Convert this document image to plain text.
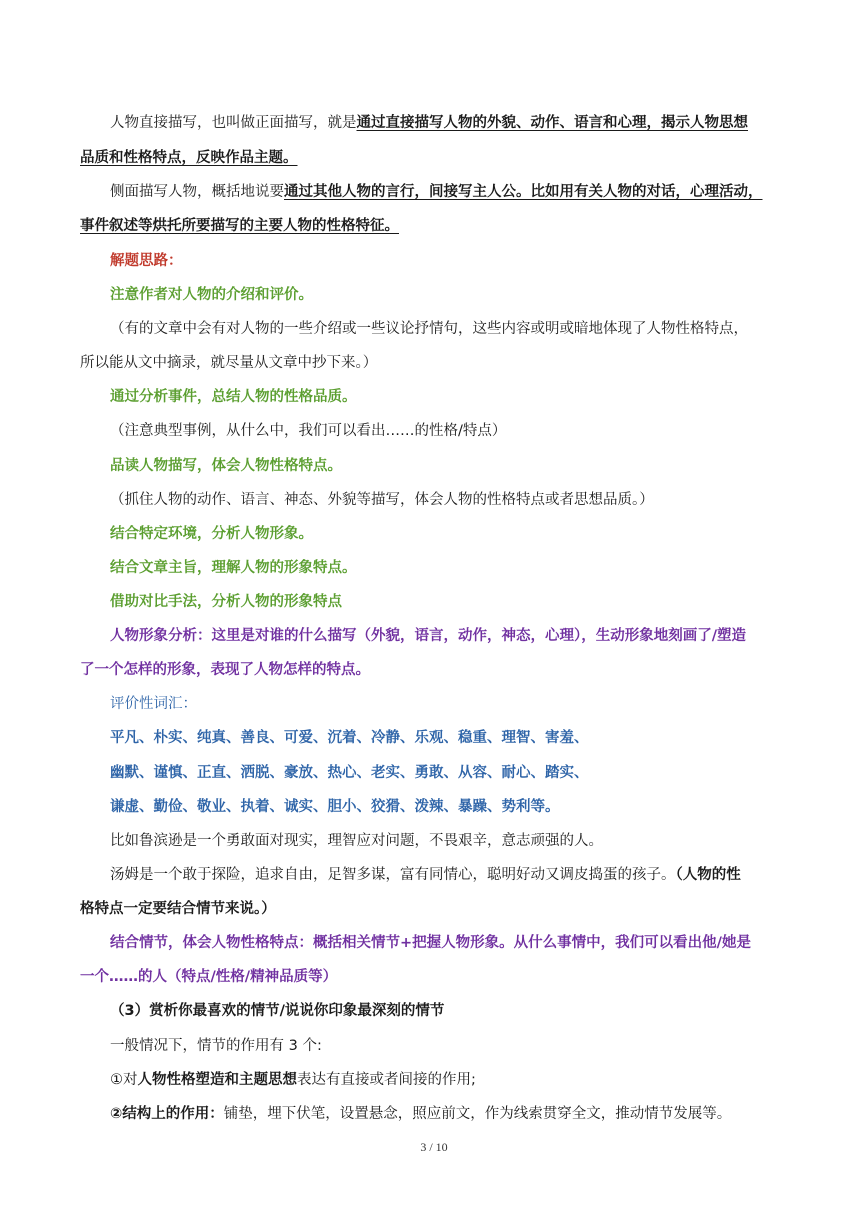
人物直接描写，也叫做正面描写，就是通过直接描写人物的外貌、动作、语言和心理，揭示人物思想
品质和性格特点，反映作品主题。
侧面描写人物，概括地说要通过其他人物的言行，间接写主人公。比如用有关人物的对话，心理活动，
事件叙述等烘托所要描写的主要人物的性格特征。
解题思路：
注意作者对人物的介绍和评价。
（有的文章中会有对人物的一些介绍或一些议论抒情句，这些内容或明或暗地体现了人物性格特点，
所以能从文中摘录，就尽量从文章中抄下来。）
通过分析事件，总结人物的性格品质。
（注意典型事例，从什么中，我们可以看出……的性格/特点）
品读人物描写，体会人物性格特点。
（抓住人物的动作、语言、神态、外貌等描写，体会人物的性格特点或者思想品质。）
结合特定环境，分析人物形象。
结合文章主旨，理解人物的形象特点。
借助对比手法，分析人物的形象特点
人物形象分析：这里是对谁的什么描写（外貌，语言，动作，神态，心理），生动形象地刻画了/塑造
了一个怎样的形象，表现了人物怎样的特点。
评价性词汇：
平凡、朴实、纯真、善良、可爱、沉着、冷静、乐观、稳重、理智、害羞、
幽默、谨慎、正直、洒脱、豪放、热心、老实、勇敢、从容、耐心、踏实、
谦虚、勤俭、敬业、执着、诚实、胆小、狡猾、泼辣、暴躁、势利等。
比如鲁滨逊是一个勇敢面对现实，理智应对问题，不畏艰辛，意志顽强的人。
汤姆是一个敢于探险，追求自由，足智多谋，富有同情心，聪明好动又调皮捣蛋的孩子。（人物的性
格特点一定要结合情节来说。）
结合情节，体会人物性格特点：概括相关情节+把握人物形象。从什么事情中，我们可以看出他/她是
一个……的人（特点/性格/精神品质等）
（3）赏析你最喜欢的情节/说说你印象最深刻的情节
一般情况下，情节的作用有 3 个:
①对人物性格塑造和主题思想表达有直接或者间接的作用;
②结构上的作用：铺垫，埋下伏笔，设置悬念，照应前文，作为线索贯穿全文，推动情节发展等。
3 / 10
